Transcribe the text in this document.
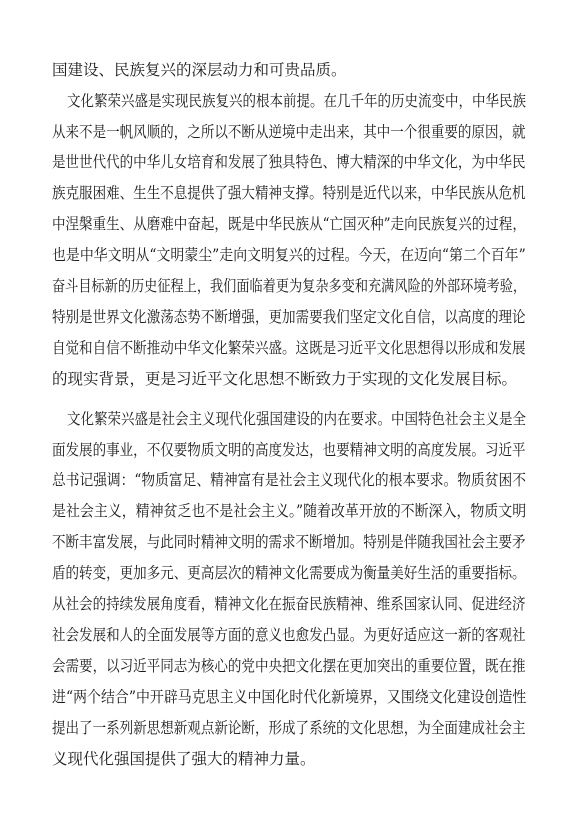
国建设、民族复兴的深层动力和可贵品质。
文化繁荣兴盛是实现民族复兴的根本前提。在几千年的历史流变中，中华民族
从来不是一帆风顺的，之所以不断从逆境中走出来，其中一个很重要的原因，就
是世世代代的中华儿女培育和发展了独具特色、博大精深的中华文化，为中华民
族克服困难、生生不息提供了强大精神支撑。特别是近代以来，中华民族从危机
中涅槃重生、从磨难中奋起，既是中华民族从“亡国灭种”走向民族复兴的过程，
也是中华文明从“文明蒙尘”走向文明复兴的过程。今天，在迈向“第二个百年”
奋斗目标新的历史征程上，我们面临着更为复杂多变和充满风险的外部环境考验，
特别是世界文化激荡态势不断增强，更加需要我们坚定文化自信，以高度的理论
自觉和自信不断推动中华文化繁荣兴盛。这既是习近平文化思想得以形成和发展
的现实背景，更是习近平文化思想不断致力于实现的文化发展目标。
文化繁荣兴盛是社会主义现代化强国建设的内在要求。中国特色社会主义是全
面发展的事业，不仅要物质文明的高度发达，也要精神文明的高度发展。习近平
总书记强调：“物质富足、精神富有是社会主义现代化的根本要求。物质贫困不
是社会主义，精神贫乏也不是社会主义。”随着改革开放的不断深入，物质文明
不断丰富发展，与此同时精神文明的需求不断增加。特别是伴随我国社会主要矛
盾的转变，更加多元、更高层次的精神文化需要成为衡量美好生活的重要指标。
从社会的持续发展角度看，精神文化在振奋民族精神、维系国家认同、促进经济
社会发展和人的全面发展等方面的意义也愈发凸显。为更好适应这一新的客观社
会需要，以习近平同志为核心的党中央把文化摆在更加突出的重要位置，既在推
进“两个结合”中开辟马克思主义中国化时代化新境界，又围绕文化建设创造性
提出了一系列新思想新观点新论断，形成了系统的文化思想，为全面建成社会主
义现代化强国提供了强大的精神力量。
